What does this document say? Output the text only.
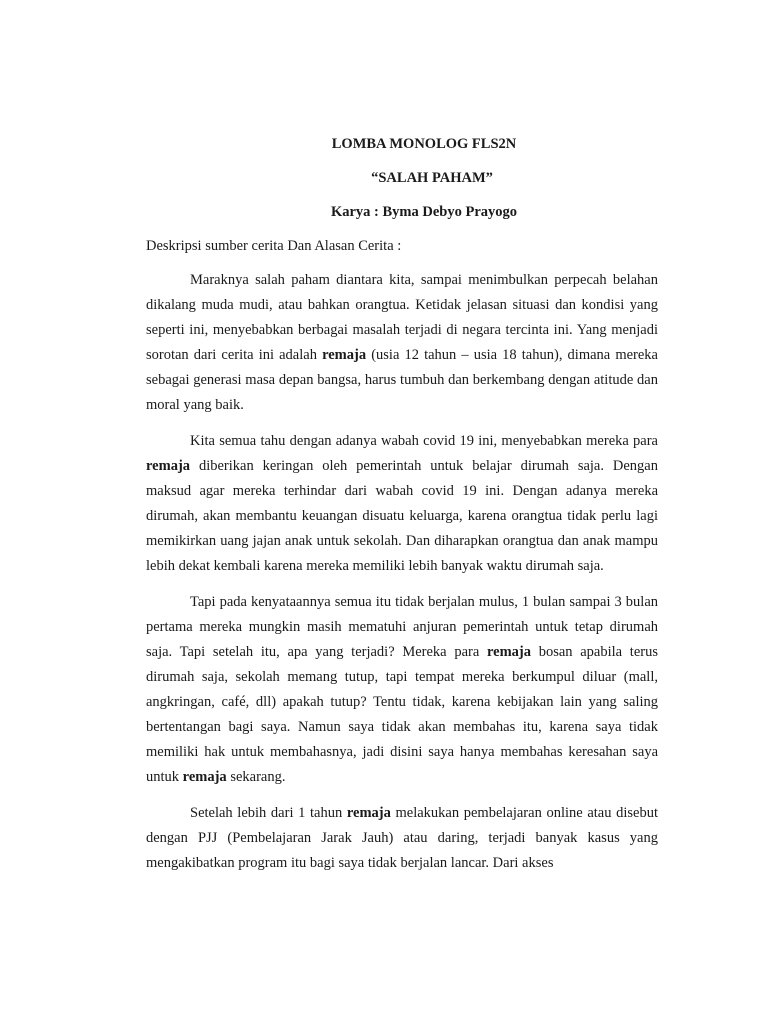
LOMBA MONOLOG FLS2N

“SALAH PAHAM”

Karya : Byma Debyo Prayogo

Deskripsi sumber cerita Dan Alasan Cerita :

Maraknya salah paham diantara kita, sampai menimbulkan perpecah belahan dikalang muda mudi, atau bahkan orangtua. Ketidak jelasan situasi dan kondisi yang seperti ini, menyebabkan berbagai masalah terjadi di negara tercinta ini. Yang menjadi sorotan dari cerita ini adalah remaja (usia 12 tahun – usia 18 tahun), dimana mereka sebagai generasi masa depan bangsa, harus tumbuh dan berkembang dengan atitude dan moral yang baik.

Kita semua tahu dengan adanya wabah covid 19 ini, menyebabkan mereka para remaja diberikan keringan oleh pemerintah untuk belajar dirumah saja. Dengan maksud agar mereka terhindar dari wabah covid 19 ini. Dengan adanya mereka dirumah, akan membantu keuangan disuatu keluarga, karena orangtua tidak perlu lagi memikirkan uang jajan anak untuk sekolah. Dan diharapkan orangtua dan anak mampu lebih dekat kembali karena mereka memiliki lebih banyak waktu dirumah saja.

Tapi pada kenyataannya semua itu tidak berjalan mulus, 1 bulan sampai 3 bulan pertama mereka mungkin masih mematuhi anjuran pemerintah untuk tetap dirumah saja. Tapi setelah itu, apa yang terjadi? Mereka para remaja bosan apabila terus dirumah saja, sekolah memang tutup, tapi tempat mereka berkumpul diluar (mall, angkringan, café, dll) apakah tutup? Tentu tidak, karena kebijakan lain yang saling bertentangan bagi saya. Namun saya tidak akan membahas itu, karena saya tidak memiliki hak untuk membahasnya, jadi disini saya hanya membahas keresahan saya untuk remaja sekarang.

Setelah lebih dari 1 tahun remaja melakukan pembelajaran online atau disebut dengan PJJ (Pembelajaran Jarak Jauh) atau daring, terjadi banyak kasus yang mengakibatkan program itu bagi saya tidak berjalan lancar. Dari akses
